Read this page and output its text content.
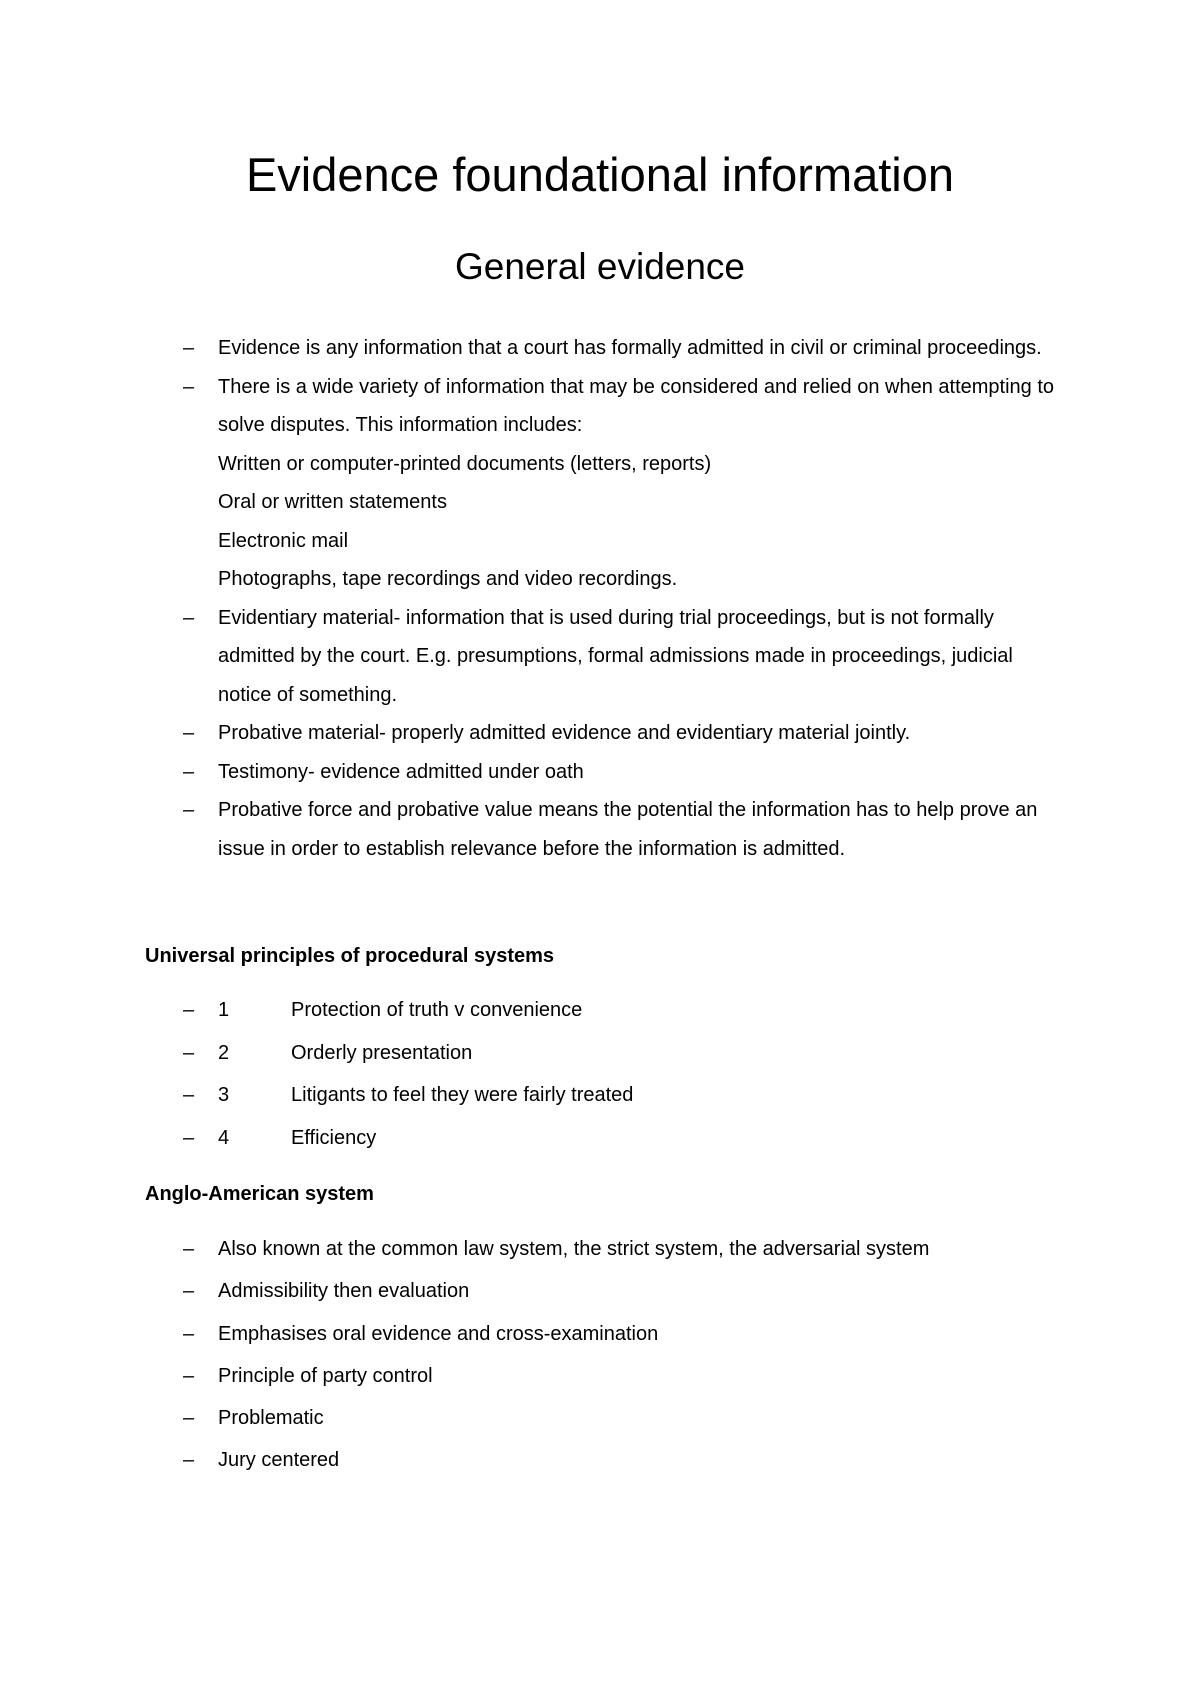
Evidence foundational information
General evidence
–	Evidence is any information that a court has formally admitted in civil or criminal proceedings.
–	There is a wide variety of information that may be considered and relied on when attempting to solve disputes. This information includes:
Written or computer-printed documents (letters, reports)
Oral or written statements
Electronic mail
Photographs, tape recordings and video recordings.
–	Evidentiary material- information that is used during trial proceedings, but is not formally admitted by the court. E.g. presumptions, formal admissions made in proceedings, judicial notice of something.
–	Probative material- properly admitted evidence and evidentiary material jointly.
–	Testimony- evidence admitted under oath
–	Probative force and probative value means the potential the information has to help prove an issue in order to establish relevance before the information is admitted.
Universal principles of procedural systems
–	1	Protection of truth v convenience
–	2	Orderly presentation
–	3	Litigants to feel they were fairly treated
–	4	Efficiency
Anglo-American system
–	Also known at the common law system, the strict system, the adversarial system
–	Admissibility then evaluation
–	Emphasises oral evidence and cross-examination
–	Principle of party control
–	Problematic
–	Jury centered
